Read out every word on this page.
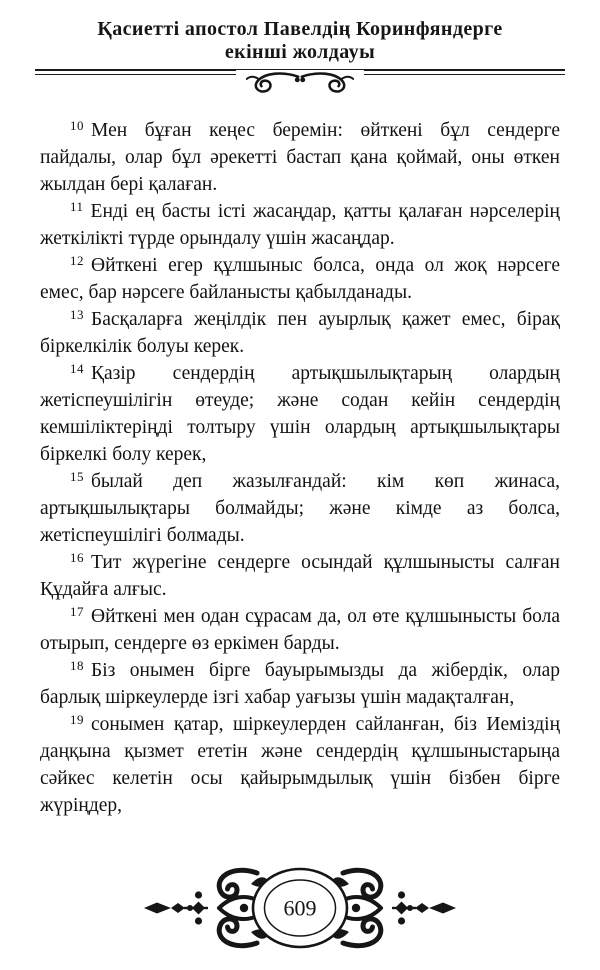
Қасиетті апостол Павелдің Коринфяндерге
екінші жолдауы

$^{10}$ Мен бұған кеңес беремін: өйткені бұл сендерге пайдалы, олар бұл әрекетті бастап қана қоймай, оны өткен жылдан бері қалаған.

$^{11}$ Енді ең басты істі жасаңдар, қатты қалаған нәрселерің жеткілікті түрде орындалу үшін жасаңдар.

$^{12}$ Өйткені егер құлшыныс болса, онда ол жоқ нәрсеге емес, бар нәрсеге байланысты қабылданады.

$^{13}$ Басқаларға жеңілдік пен ауырлық қажет емес, бірақ біркелкілік болуы керек.

$^{14}$ Қазір сендердің артықшылықтарың олардың жетіспеушілігін өтеуде; және содан кейін сендердің кемшіліктеріңді толтыру үшін олардың артықшылықтары біркелкі болу керек,

$^{15}$ былай деп жазылғандай: кім көп жинаса, артықшылықтары болмайды; және кімде аз болса, жетіспеушілігі болмады.

$^{16}$ Тит жүрегіне сендерге осындай құлшынысты салған Құдайға алғыс.

$^{17}$ Өйткені мен одан сұрасам да, ол өте құлшынысты бола отырып, сендерге өз еркімен барды.

$^{18}$ Біз онымен бірге бауырымызды да жібердік, олар барлық шіркеулерде ізгі хабар уағызы үшін мадақталған,

$^{19}$ сонымен қатар, шіркеулерден сайланған, біз Иеміздің даңқына қызмет ететін және сендердің құлшыныстарыңа сәйкес келетін осы қайырымдылық үшін бізбен бірге жүріңдер,

609
